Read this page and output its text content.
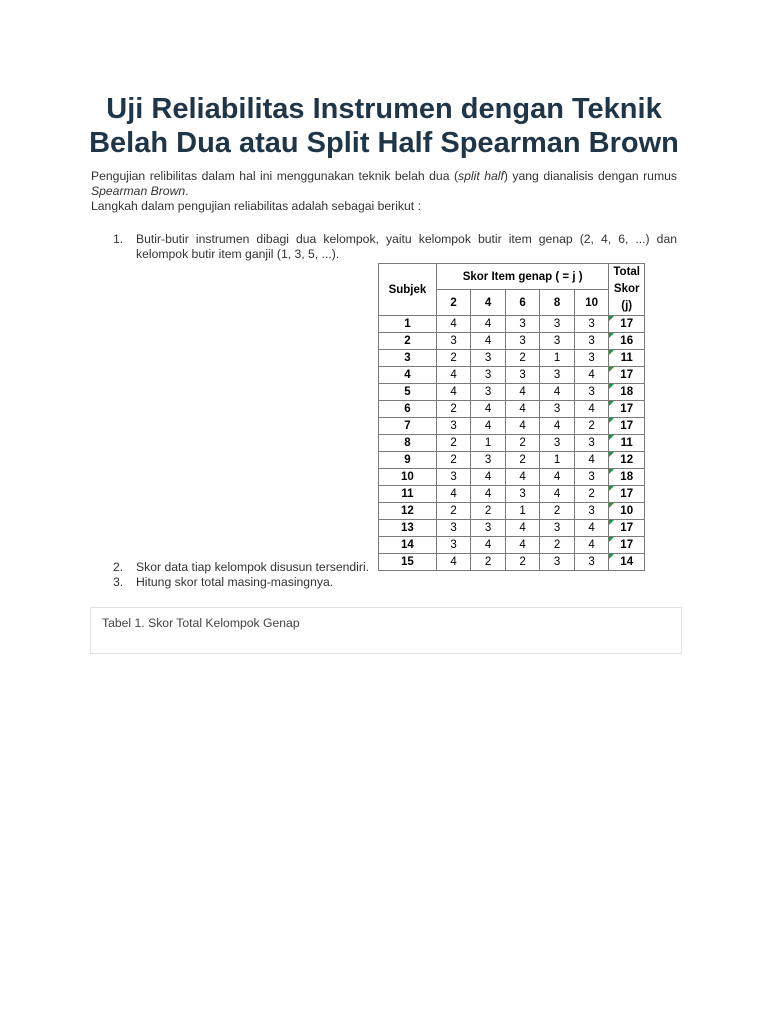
Uji Reliabilitas Instrumen dengan Teknik
Belah Dua atau Split Half Spearman Brown

Pengujian relibilitas dalam hal ini menggunakan teknik belah dua (split half) yang dianalisis dengan rumus Spearman Brown.

Langkah dalam pengujian reliabilitas adalah sebagai berikut :

1. Butir-butir instrumen dibagi dua kelompok, yaitu kelompok butir item genap (2, 4, 6, ...) dan kelompok butir item ganjil (1, 3, 5, ...).
Subjek	Skor Item genap ( = j )					Total
Skor
(j)
	2	4	6	8	10	
1	4	4	3	3	3	17
2	3	4	3	3	3	16
3	2	3	2	1	3	11
4	4	3	3	3	4	17
5	4	3	4	4	3	18
6	2	4	4	3	4	17
7	3	4	4	4	2	17
8	2	1	2	3	3	11
9	2	3	2	1	4	12
10	3	4	4	4	3	18
11	4	4	3	4	2	17
12	2	2	1	2	3	10
13	3	3	4	3	4	17
14	3	4	4	2	4	17
15	4	2	2	3	3	14
2. Skor data tiap kelompok disusun tersendiri.
3. Hitung skor total masing-masingnya.
Tabel 1. Skor Total Kelompok Genap
